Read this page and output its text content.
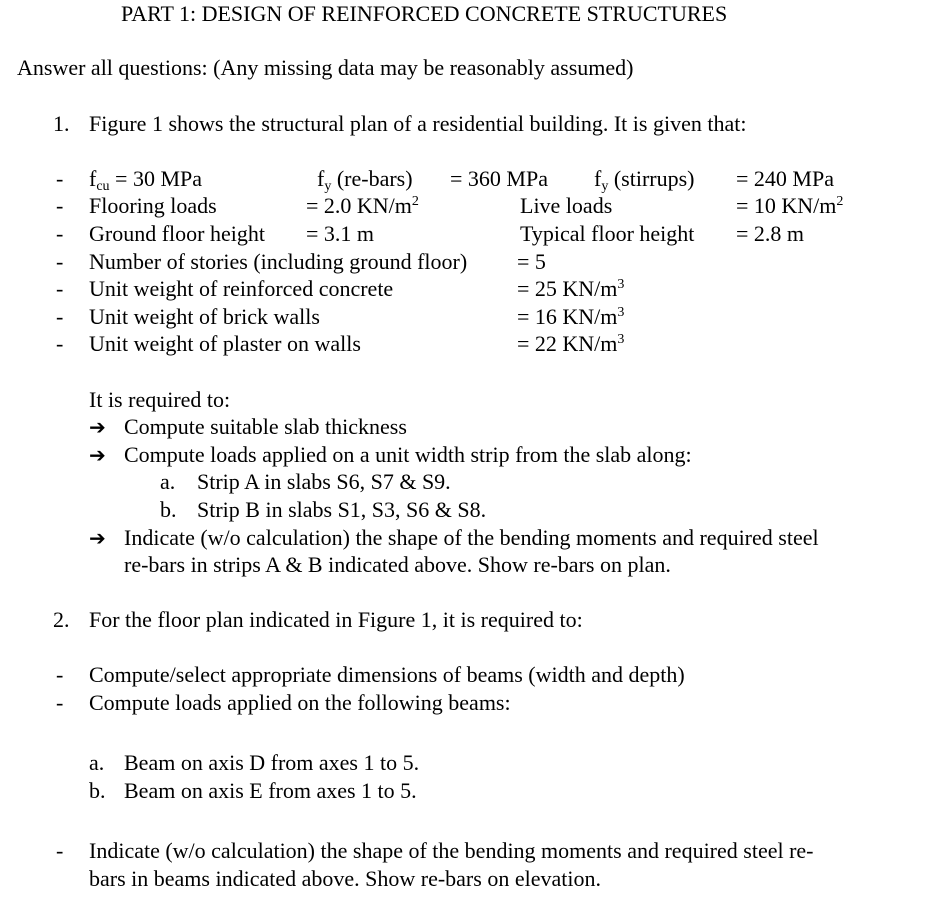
PART 1: DESIGN OF REINFORCED CONCRETE STRUCTURES
Answer all questions: (Any missing data may be reasonably assumed)
1. Figure 1 shows the structural plan of a residential building. It is given that:
-
-
-
-
-
-
-
$f_{cu} = 30$ MPa	$f_y$ (re-bars) = 360 MPa $f_y$ (stirrups) = 240 MPa
Flooring loads	= 2.0 $KN/m^2$	Live loads	= 10 $KN/m^2$
Ground floor height = 3.1 m	Typical floor height = 2.8 m
Number of stories (including ground floor) = 5
Unit weight of reinforced concrete	= 25 $KN/m^3$
Unit weight of brick walls	= 16 $KN/m^3$
Unit weight of plaster on walls	= 22 $KN/m^3$
It is required to:
➔ Compute suitable slab thickness
➔ Compute loads applied on a unit width strip from the slab along:
a. Strip A in slabs S6, S7 & S9.
b. Strip B in slabs S1, S3, S6 & S8.
➔ Indicate (w/o calculation) the shape of the bending moments and required steel
re-bars in strips A & B indicated above. Show re-bars on plan.
2. For the floor plan indicated in Figure 1, it is required to:
- Compute/select appropriate dimensions of beams (width and depth)
- Compute loads applied on the following beams:
a. Beam on axis D from axes 1 to 5.
b. Beam on axis E from axes 1 to 5.
- Indicate (w/o calculation) the shape of the bending moments and required steel re-
bars in beams indicated above. Show re-bars on elevation.
